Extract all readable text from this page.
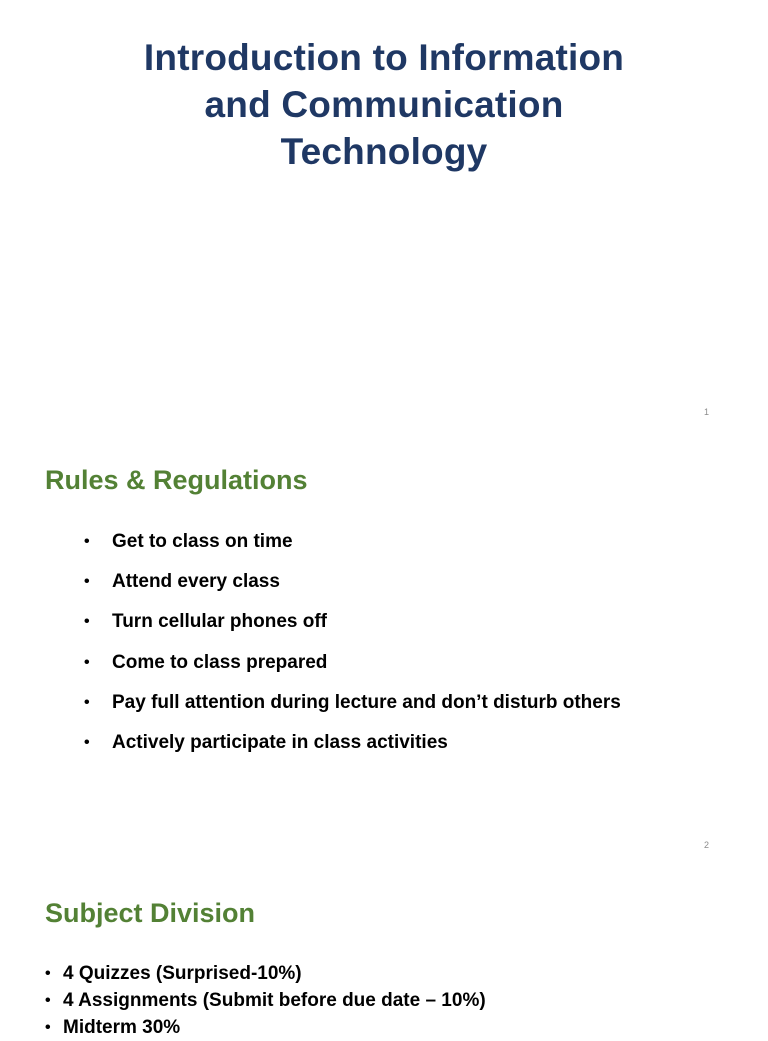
Introduction to Information
and Communication
Technology
1
Rules & Regulations
• Get to class on time
• Attend every class
• Turn cellular phones off
• Come to class prepared
• Pay full attention during lecture and don’t disturb others
• Actively participate in class activities
2
Subject Division
• 4 Quizzes (Surprised-10%)
• 4 Assignments (Submit before due date – 10%)
• Midterm 30%
